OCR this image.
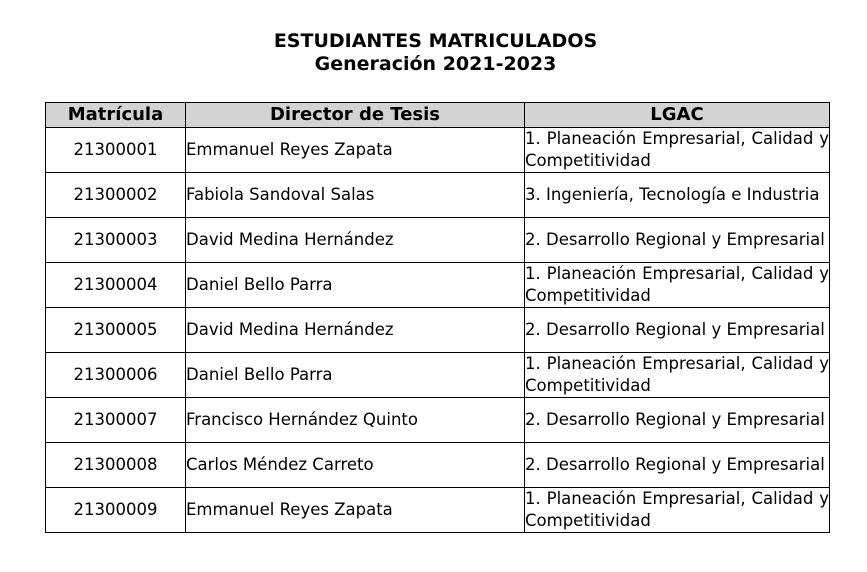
ESTUDIANTES MATRICULADOS
Generación 2021-2023
Matrícula	Director de Tesis	LGAC
21300001	Emmanuel Reyes Zapata	1. Planeación Empresarial, Calidad y Competitividad
21300002	Fabiola Sandoval Salas	3. Ingeniería, Tecnología e Industria
21300003	David Medina Hernández	2. Desarrollo Regional y Empresarial
21300004	Daniel Bello Parra	1. Planeación Empresarial, Calidad y Competitividad
21300005	David Medina Hernández	2. Desarrollo Regional y Empresarial
21300006	Daniel Bello Parra	1. Planeación Empresarial, Calidad y Competitividad
21300007	Francisco Hernández Quinto	2. Desarrollo Regional y Empresarial
21300008	Carlos Méndez Carreto	2. Desarrollo Regional y Empresarial
21300009	Emmanuel Reyes Zapata	1. Planeación Empresarial, Calidad y Competitividad
